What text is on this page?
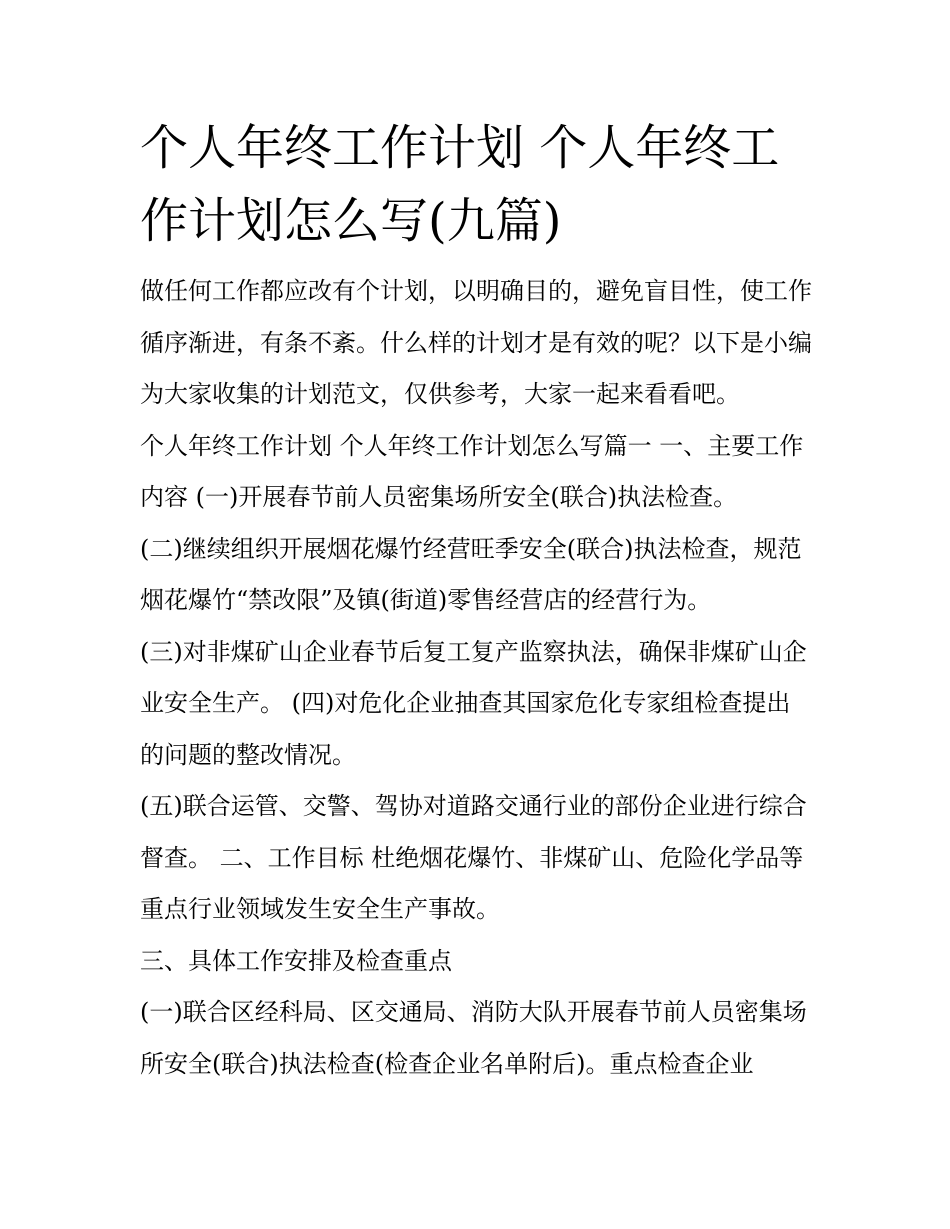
个人年终工作计划 个人年终工作计划怎么写(九篇)

做任何工作都应改有个计划，以明确目的，避免盲目性，使工作循序渐进，有条不紊。什么样的计划才是有效的呢？以下是小编为大家收集的计划范文，仅供参考，大家一起来看看吧。

个人年终工作计划 个人年终工作计划怎么写篇一 一、主要工作内容 (一)开展春节前人员密集场所安全(联合)执法检查。

(二)继续组织开展烟花爆竹经营旺季安全(联合)执法检查，规范烟花爆竹“禁改限”及镇(街道)零售经营店的经营行为。

(三)对非煤矿山企业春节后复工复产监察执法，确保非煤矿山企业安全生产。 (四)对危化企业抽查其国家危化专家组检查提出的问题的整改情况。

(五)联合运管、交警、驾协对道路交通行业的部份企业进行综合督查。 二、工作目标 杜绝烟花爆竹、非煤矿山、危险化学品等重点行业领域发生安全生产事故。

三、具体工作安排及检查重点

(一)联合区经科局、区交通局、消防大队开展春节前人员密集场所安全(联合)执法检查(检查企业名单附后)。重点检查企业
